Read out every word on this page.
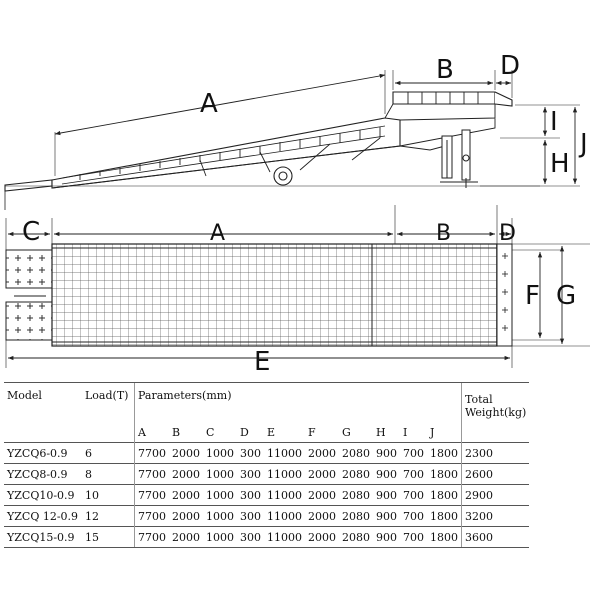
A
B D
I
H
J
C	A	B D
F G
E
Model	Load(T)	Parameters(mm)										Total
Weight(kg)

		A	B	C	D	E	F	G	H	I	J	
YZCQ6-0.9	6	7700	2000	1000	300	11000	2000	2080	900	700	1800	2300
YZCQ8-0.9	8	7700	2000	1000	300	11000	2000	2080	900	700	1800	2600
YZCQ10-0.9	10	7700	2000	1000	300	11000	2000	2080	900	700	1800	2900
YZCQ 12-0.9	12	7700	2000	1000	300	11000	2000	2080	900	700	1800	3200
YZCQ15-0.9	15	7700	2000	1000	300	11000	2000	2080	900	700	1800	3600
